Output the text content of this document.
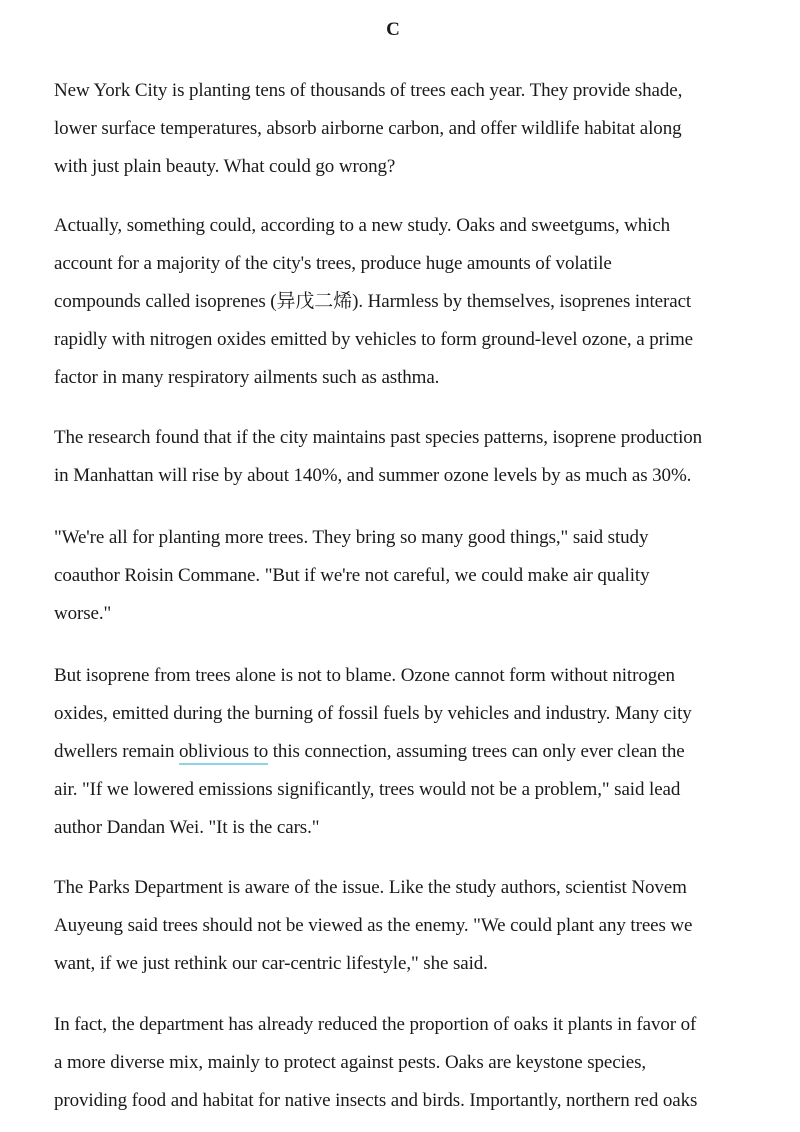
C

New York City is planting tens of thousands of trees each year. They provide shade,
lower surface temperatures, absorb airborne carbon, and offer wildlife habitat along
with just plain beauty. What could go wrong?

Actually, something could, according to a new study. Oaks and sweetgums, which
account for a majority of the city's trees, produce huge amounts of volatile
compounds called isoprenes (异戊二烯). Harmless by themselves, isoprenes interact
rapidly with nitrogen oxides emitted by vehicles to form ground-level ozone, a prime
factor in many respiratory ailments such as asthma.

The research found that if the city maintains past species patterns, isoprene production
in Manhattan will rise by about 140%, and summer ozone levels by as much as 30%.

"We're all for planting more trees. They bring so many good things," said study
coauthor Roisin Commane. "But if we're not careful, we could make air quality
worse."

But isoprene from trees alone is not to blame. Ozone cannot form without nitrogen
oxides, emitted during the burning of fossil fuels by vehicles and industry. Many city
dwellers remain oblivious to this connection, assuming trees can only ever clean the
air. "If we lowered emissions significantly, trees would not be a problem," said lead
author Dandan Wei. "It is the cars."

The Parks Department is aware of the issue. Like the study authors, scientist Novem
Auyeung said trees should not be viewed as the enemy. "We could plant any trees we
want, if we just rethink our car-centric lifestyle," she said.

In fact, the department has already reduced the proportion of oaks it plants in favor of
a more diverse mix, mainly to protect against pests. Oaks are keystone species,
providing food and habitat for native insects and birds. Importantly, northern red oaks
